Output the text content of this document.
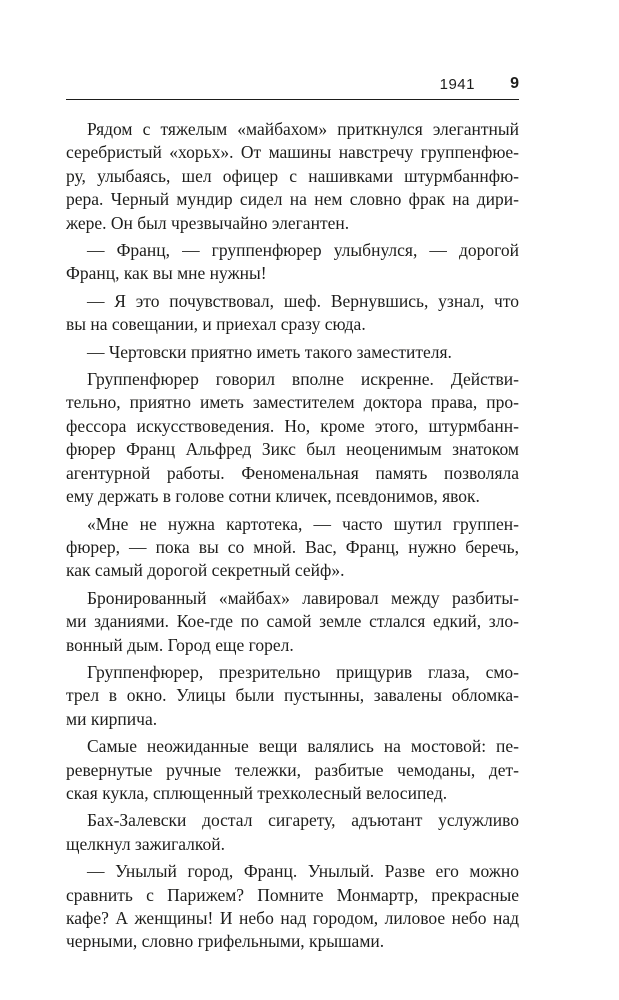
1941 9

Рядом с тяжелым «майбахом» приткнулся элегантный
серебристый «хорьх». От машины навстречу группенфюе-
ру, улыбаясь, шел офицер с нашивками штурмбаннфю-
рера. Черный мундир сидел на нем словно фрак на дири-
жере. Он был чрезвычайно элегантен.

— Франц, — группенфюрер улыбнулся, — дорогой
Франц, как вы мне нужны!

— Я это почувствовал, шеф. Вернувшись, узнал, что
вы на совещании, и приехал сразу сюда.

— Чертовски приятно иметь такого заместителя.

Группенфюрер говорил вполне искренне. Действи-
тельно, приятно иметь заместителем доктора права, про-
фессора искусствоведения. Но, кроме этого, штурмбанн-
фюрер Франц Альфред Зикс был неоценимым знатоком
агентурной работы. Феноменальная память позволяла
ему держать в голове сотни кличек, псевдонимов, явок.

«Мне не нужна картотека, — часто шутил группен-
фюрер, — пока вы со мной. Вас, Франц, нужно беречь,
как самый дорогой секретный сейф».

Бронированный «майбах» лавировал между разбиты-
ми зданиями. Кое-где по самой земле стлался едкий, зло-
вонный дым. Город еще горел.

Группенфюрер, презрительно прищурив глаза, смо-
трел в окно. Улицы были пустынны, завалены обломка-
ми кирпича.

Самые неожиданные вещи валялись на мостовой: пе-
ревернутые ручные тележки, разбитые чемоданы, дет-
ская кукла, сплющенный трехколесный велосипед.

Бах-Залевски достал сигарету, адъютант услужливо
щелкнул зажигалкой.

— Унылый город, Франц. Унылый. Разве его можно
сравнить с Парижем? Помните Монмартр, прекрасные
кафе? А женщины! И небо над городом, лиловое небо над
черными, словно грифельными, крышами.
